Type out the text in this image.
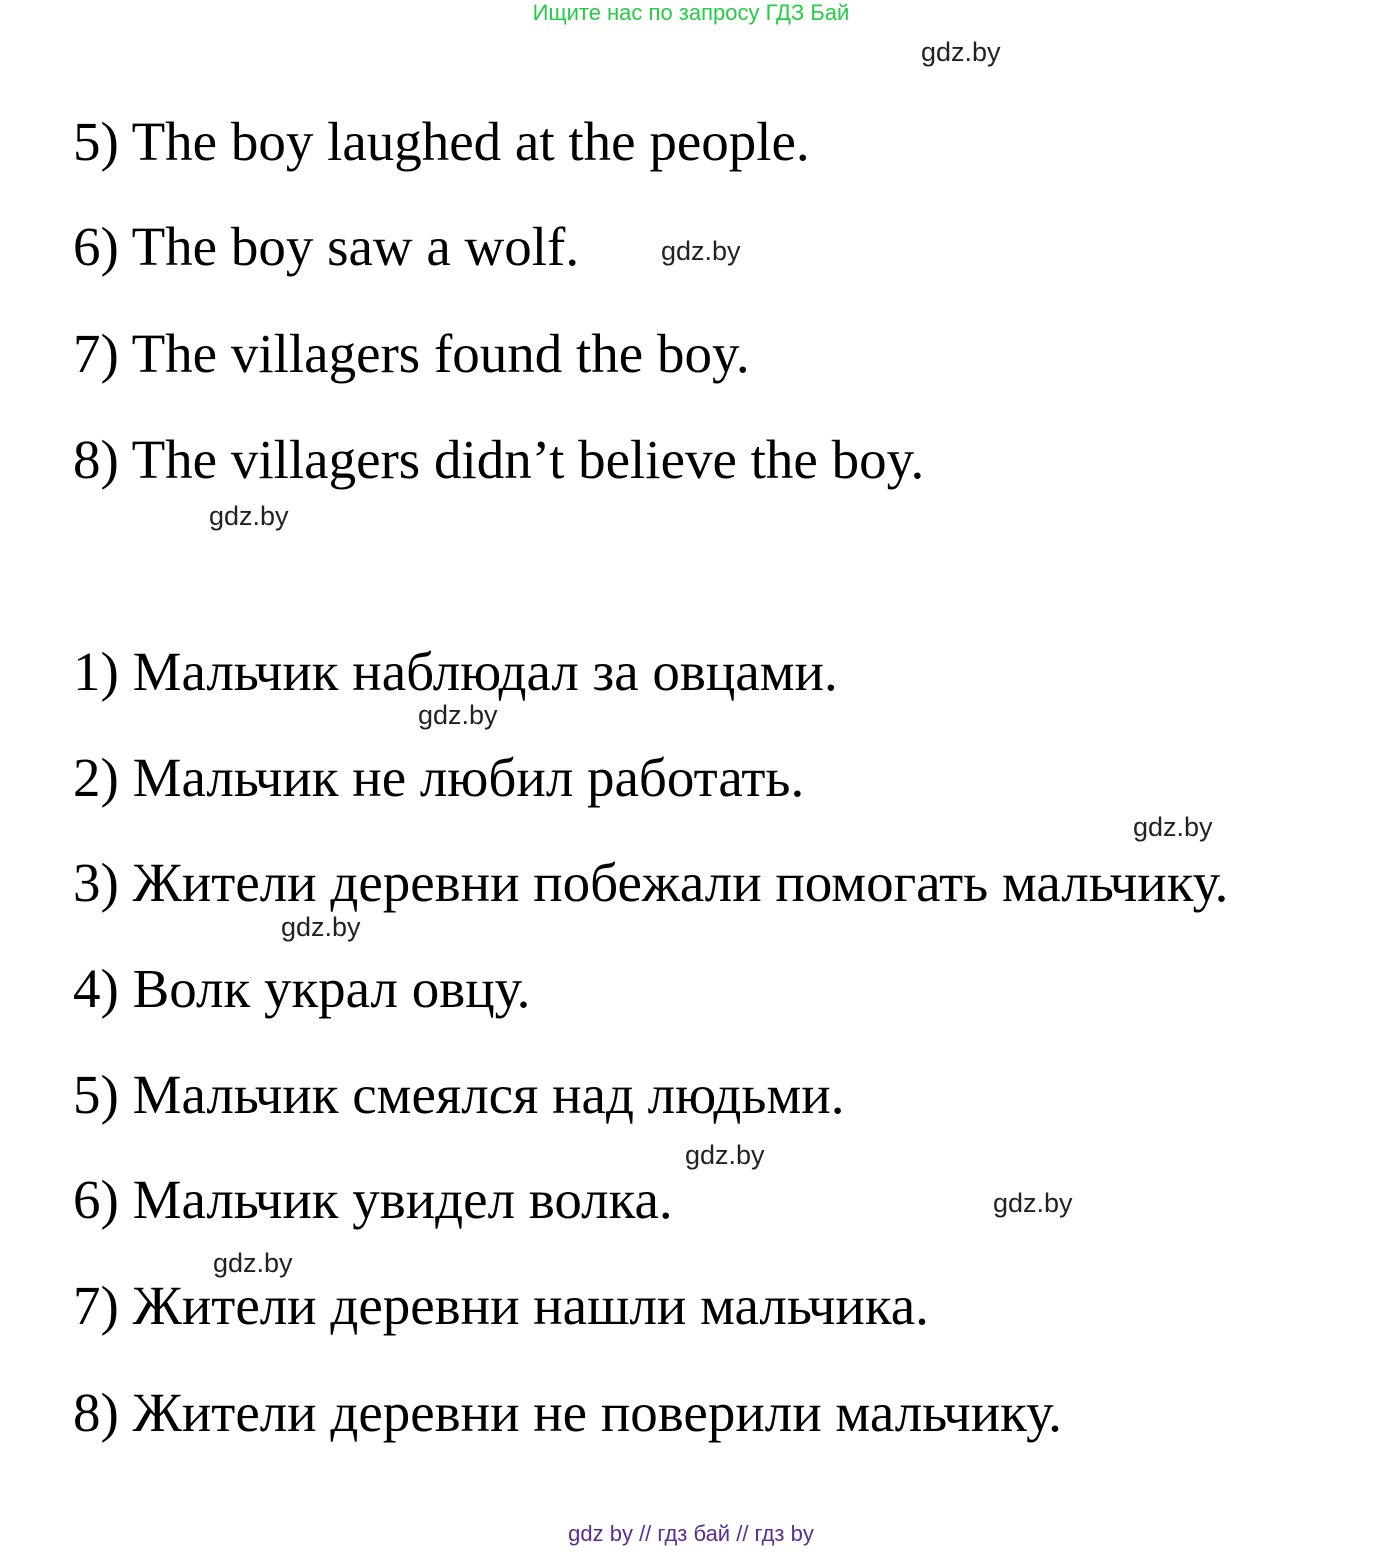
Ищите нас по запросу ГДЗ Бай
5) The boy laughed at the people.
6) The boy saw a wolf.
7) The villagers found the boy.
8) The villagers didn’t believe the boy.
1) Мальчик наблюдал за овцами.
2) Мальчик не любил работать.
3) Жители деревни побежали помогать мальчику.
4) Волк украл овцу.
5) Мальчик смеялся над людьми.
6) Мальчик увидел волка.
7) Жители деревни нашли мальчика.
8) Жители деревни не поверили мальчику.
gdz.by
gdz.by
gdz.by
gdz.by
gdz.by
gdz.by
gdz.by
gdz.by
gdz.by
gdz by // гдз бай // гдз by
